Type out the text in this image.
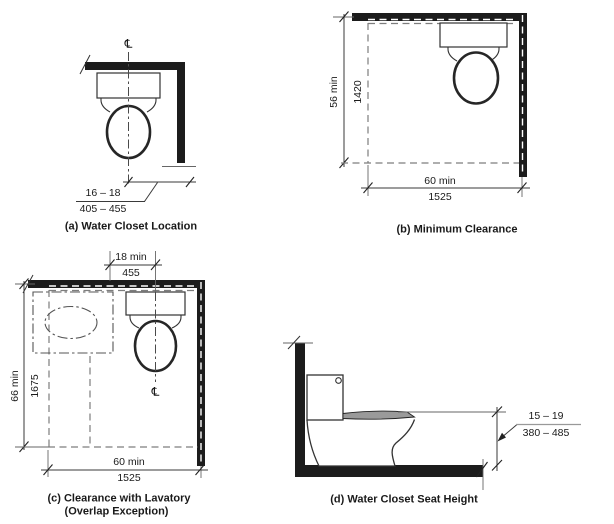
℄
16 – 18
405 – 455
(a) Water Closet Location
56 min 1420
60 min
1525
(b) Minimum Clearance
18 min
455
66 min 1675	℄
60 min
1525
(c) Clearance with Lavatory
(Overlap Exception)
15 – 19
380 – 485
(d) Water Closet Seat Height
